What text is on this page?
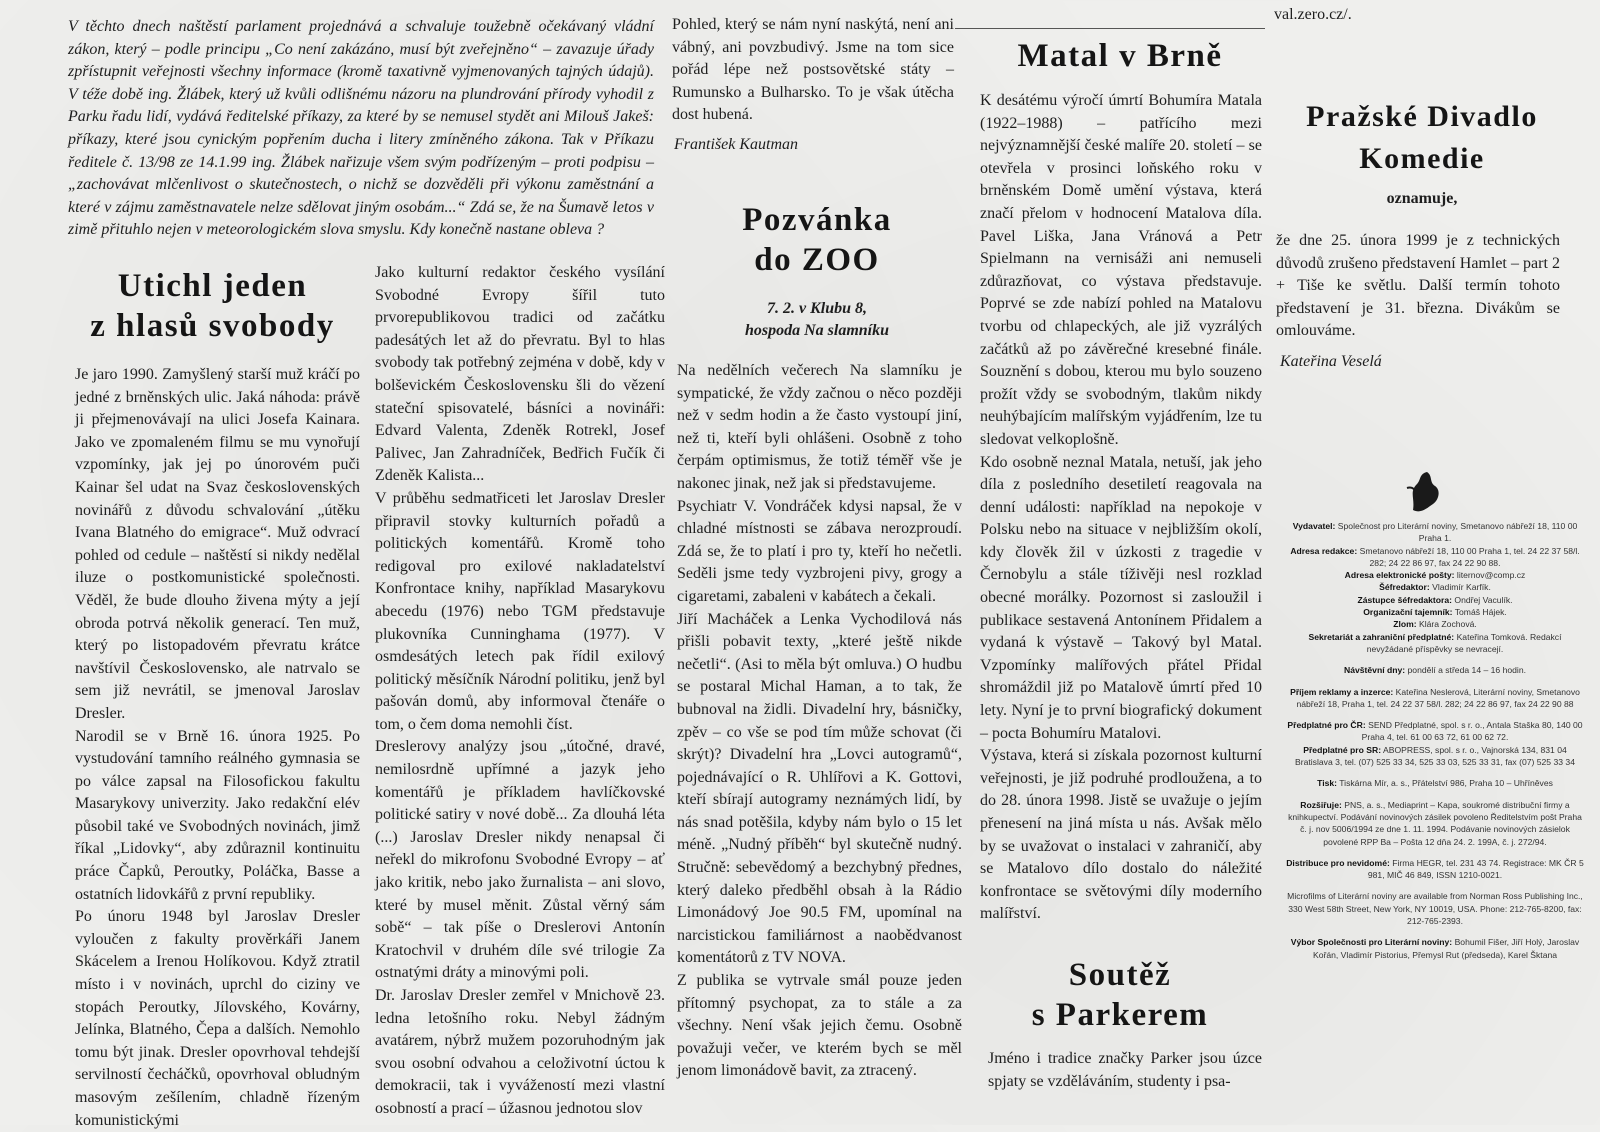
V těchto dnech naštěstí parlament projednává a schvaluje toužebně očekávaný vládní zákon, který – podle principu „Co není zakázáno, musí být zveřejněno“ – zavazuje úřady zpřístupnit veřejnosti všechny informace (kromě taxativně vyjmenovaných tajných údajů). V téže době ing. Žlábek, který už kvůli odlišnému názoru na plundrování přírody vyhodil z Parku řadu lidí, vydává ředitelské příkazy, za které by se nemusel stydět ani Milouš Jakeš: příkazy, které jsou cynickým popřením ducha i litery zmíněného zákona. Tak v Příkazu ředitele č. 13/98 ze 14.1.99 ing. Žlábek nařizuje všem svým podřízeným – proti podpisu – „zachovávat mlčenlivost o skutečnostech, o nichž se dozvěděli při výkonu zaměstnání a které v zájmu zaměstnavatele nelze sdělovat jiným osobám...“ Zdá se, že na Šumavě letos v zimě přituhlo nejen v meteorologickém slova smyslu. Kdy konečně nastane obleva ?

Utichl jeden
z hlasů svobody

Je jaro 1990. Zamyšlený starší muž kráčí po jedné z brněnských ulic. Jaká náhoda: právě ji přejmenovávají na ulici Josefa Kainara. Jako ve zpomaleném filmu se mu vynořují vzpomínky, jak jej po únorovém puči Kainar šel udat na Svaz československých novinářů z důvodu schvalování „útěku Ivana Blatného do emigrace“. Muž odvrací pohled od cedule – naštěstí si nikdy nedělal iluze o postkomunistické společnosti. Věděl, že bude dlouho živena mýty a její obroda potrvá několik generací. Ten muž, který po listopadovém převratu krátce navštívil Československo, ale natrvalo se sem již nevrátil, se jmenoval Jaroslav Dresler.

Narodil se v Brně 16. února 1925. Po vystudování tamního reálného gymnasia se po válce zapsal na Filosofickou fakultu Masarykovy univerzity. Jako redakční elév působil také ve Svobodných novinách, jimž říkal „Lidovky“, aby zdůraznil kontinuitu práce Čapků, Peroutky, Poláčka, Basse a ostatních lidovkářů z první republiky.

Po únoru 1948 byl Jaroslav Dresler vyloučen z fakulty prověrkáři Janem Skácelem a Irenou Holíkovou. Když ztratil místo i v novinách, uprchl do ciziny ve stopách Peroutky, Jílovského, Kovárny, Jelínka, Blatného, Čepa a dalších. Nemohlo tomu být jinak. Dresler opovrhoval tehdejší servilností čecháčků, opovrhoval obludným masovým zešílením, chladně řízeným komunistickými

Jako kulturní redaktor českého vysílání Svobodné Evropy šířil tuto prvorepublikovou tradici od začátku padesátých let až do převratu. Byl to hlas svobody tak potřebný zejména v době, kdy v bolševickém Československu šli do vězení stateční spisovatelé, básníci a novináři: Edvard Valenta, Zdeněk Rotrekl, Josef Palivec, Jan Zahradníček, Bedřich Fučík či Zdeněk Kalista...

V průběhu sedmatřiceti let Jaroslav Dresler připravil stovky kulturních pořadů a politických komentářů. Kromě toho redigoval pro exilové nakladatelství Konfrontace knihy, například Masarykovu abecedu (1976) nebo TGM představuje plukovníka Cunninghama (1977). V osmdesátých letech pak řídil exilový politický měsíčník Národní politiku, jenž byl pašován domů, aby informoval čtenáře o tom, o čem doma nemohli číst.

Dreslerovy analýzy jsou „útočné, dravé, nemilosrdně upřímné a jazyk jeho komentářů je příkladem havlíčkovské politické satiry v nové době... Za dlouhá léta (...) Jaroslav Dresler nikdy nenapsal či neřekl do mikrofonu Svobodné Evropy – ať jako kritik, nebo jako žurnalista – ani slovo, které by musel měnit. Zůstal věrný sám sobě“ – tak píše o Dreslerovi Antonín Kratochvil v druhém díle své trilogie Za ostnatými dráty a minovými poli.

Dr. Jaroslav Dresler zemřel v Mnichově 23. ledna letošního roku. Nebyl žádným avatárem, nýbrž mužem pozoruhodným jak svou osobní odvahou a celoživotní úctou k demokracii, tak i vyvážeností mezi vlastní osobností a prací – úžasnou jednotou slov

Pohled, který se nám nyní naskýtá, není ani vábný, ani povzbudivý. Jsme na tom sice pořád lépe než postsovětské státy – Rumunsko a Bulharsko. To je však útěcha dost hubená.

František Kautman
Pozvánka
do ZOO
7. 2. v Klubu 8,
hospoda Na slamníku

Na nedělních večerech Na slamníku je sympatické, že vždy začnou o něco později než v sedm hodin a že často vystoupí jiní, než ti, kteří byli ohlášeni. Osobně z toho čerpám optimismus, že totiž téměř vše je nakonec jinak, než jak si představujeme.

Psychiatr V. Vondráček kdysi napsal, že v chladné místnosti se zábava nerozproudí. Zdá se, že to platí i pro ty, kteří ho nečetli. Seděli jsme tedy vyzbrojeni pivy, grogy a cigaretami, zabaleni v kabátech a čekali.

Jiří Macháček a Lenka Vychodilová nás přišli pobavit texty, „které ještě nikde nečetli“. (Asi to měla být omluva.) O hudbu se postaral Michal Haman, a to tak, že bubnoval na židli. Divadelní hry, básničky, zpěv – co vše se pod tím může schovat (či skrýt)? Divadelní hra „Lovci autogramů“, pojednávající o R. Uhlířovi a K. Gottovi, kteří sbírají autogramy neznámých lidí, by nás snad potěšila, kdyby nám bylo o 15 let méně. „Nudný příběh“ byl skutečně nudný. Stručně: sebevědomý a bezchybný přednes, který daleko předběhl obsah à la Rádio Limonádový Joe 90.5 FM, upomínal na narcistickou familiárnost a naobědvanost komentátorů z TV NOVA.

Z publika se vytrvale smál pouze jeden přítomný psychopat, za to stále a za všechny. Není však jejich čemu. Osobně považuji večer, ve kterém bych se měl jenom limonádově bavit, za ztracený.

Matal v Brně

K desátému výročí úmrtí Bohumíra Matala (1922–1988) – patřícího mezi nejvýznamnější české malíře 20. století – se otevřela v prosinci loňského roku v brněnském Domě umění výstava, která značí přelom v hodnocení Matalova díla. Pavel Liška, Jana Vránová a Petr Spielmann na vernisáži ani nemuseli zdůrazňovat, co výstava představuje. Poprvé se zde nabízí pohled na Matalovu tvorbu od chlapeckých, ale již vyzrálých začátků až po závěrečné kresebné finále. Souznění s dobou, kterou mu bylo souzeno prožít vždy se svobodným, tlakům nikdy neuhýbajícím malířským vyjádřením, lze tu sledovat velkoplošně.

Kdo osobně neznal Matala, netuší, jak jeho díla z posledního desetiletí reagovala na denní události: například na nepokoje v Polsku nebo na situace v nejbližším okolí, kdy člověk žil v úzkosti z tragedie v Černobylu a stále tíživěji nesl rozklad obecné morálky. Pozornost si zasloužil i publikace sestavená Antonínem Přidalem a vydaná k výstavě – Takový byl Matal. Vzpomínky malířových přátel Přidal shromáždil již po Matalově úmrtí před 10 lety. Nyní je to první biografický dokument – pocta Bohumíru Matalovi.

Výstava, která si získala pozornost kulturní veřejnosti, je již podruhé prodloužena, a to do 28. února 1998. Jistě se uvažuje o jejím přenesení na jiná místa u nás. Avšak mělo by se uvažovat o instalaci v zahraničí, aby se Matalovo dílo dostalo do náležité konfrontace se světovými díly moderního malířství.

Soutěž
s Parkerem

Jméno i tradice značky Parker jsou úzce spjaty se vzděláváním, studenty i psa-

val.zero.cz/.
Pražské Divadlo
Komedie
oznamuje,

že dne 25. února 1999 je z technických důvodů zrušeno představení Hamlet – part 2 + Tiše ke světlu. Další termín tohoto představení je 31. března. Divákům se omlouváme.

Kateřina Veselá
Vydavatel: Společnost pro Literární noviny, Smetanovo nábřeží 18, 110 00 Praha 1.
Adresa redakce: Smetanovo nábřeží 18, 110 00 Praha 1, tel. 24 22 37 58/l. 282; 24 22 86 97, fax 24 22 90 88.
Adresa elektronické pošty: liternov@comp.cz
Šéfredaktor: Vladimír Karfík.
Zástupce šéfredaktora: Ondřej Vaculík.
Organizační tajemník: Tomáš Hájek.
Zlom: Klára Zochová.
Sekretariát a zahraniční předplatné: Kateřina Tomková. Redakcí nevyžádané příspěvky se nevracejí.
Návštěvní dny: pondělí a středa 14 – 16 hodin.
Příjem reklamy a inzerce: Kateřina Neslerová, Literární noviny, Smetanovo nábřeží 18, Praha 1, tel. 24 22 37 58/l. 282; 24 22 86 97, fax 24 22 90 88
Předplatné pro ČR: SEND Předplatné, spol. s r. o., Antala Staška 80, 140 00 Praha 4, tel. 61 00 63 72, 61 00 62 72.
Předplatné pro SR: ABOPRESS, spol. s r. o., Vajnorská 134, 831 04 Bratislava 3, tel. (07) 525 33 34, 525 33 03, 525 33 31, fax (07) 525 33 34
Tisk: Tiskárna Mír, a. s., Přátelství 986, Praha 10 – Uhříněves
Rozšiřuje: PNS, a. s., Mediaprint – Kapa, soukromé distribuční firmy a knihkupectví. Podávání novinových zásilek povoleno Ředitelstvím pošt Praha č. j. nov 5006/1994 ze dne 1. 11. 1994. Podávanie novinových zásielok povolené RPP Ba – Pošta 12 dňa 24. 2. 199A, č. j. 272/94.
Distribuce pro nevidomé: Firma HEGR, tel. 231 43 74. Registrace: MK ČR 5 981, MIČ 46 849, ISSN 1210-0021.
Microfilms of Literární noviny are available from Norman Ross Publishing Inc., 330 West 58th Street, New York, NY 10019, USA. Phone: 212-765-8200, fax: 212-765-2393.
Výbor Společnosti pro Literární noviny: Bohumil Fišer, Jiří Holý, Jaroslav Kořán, Vladimír Pistorius, Přemysl Rut (předseda), Karel Šktana
